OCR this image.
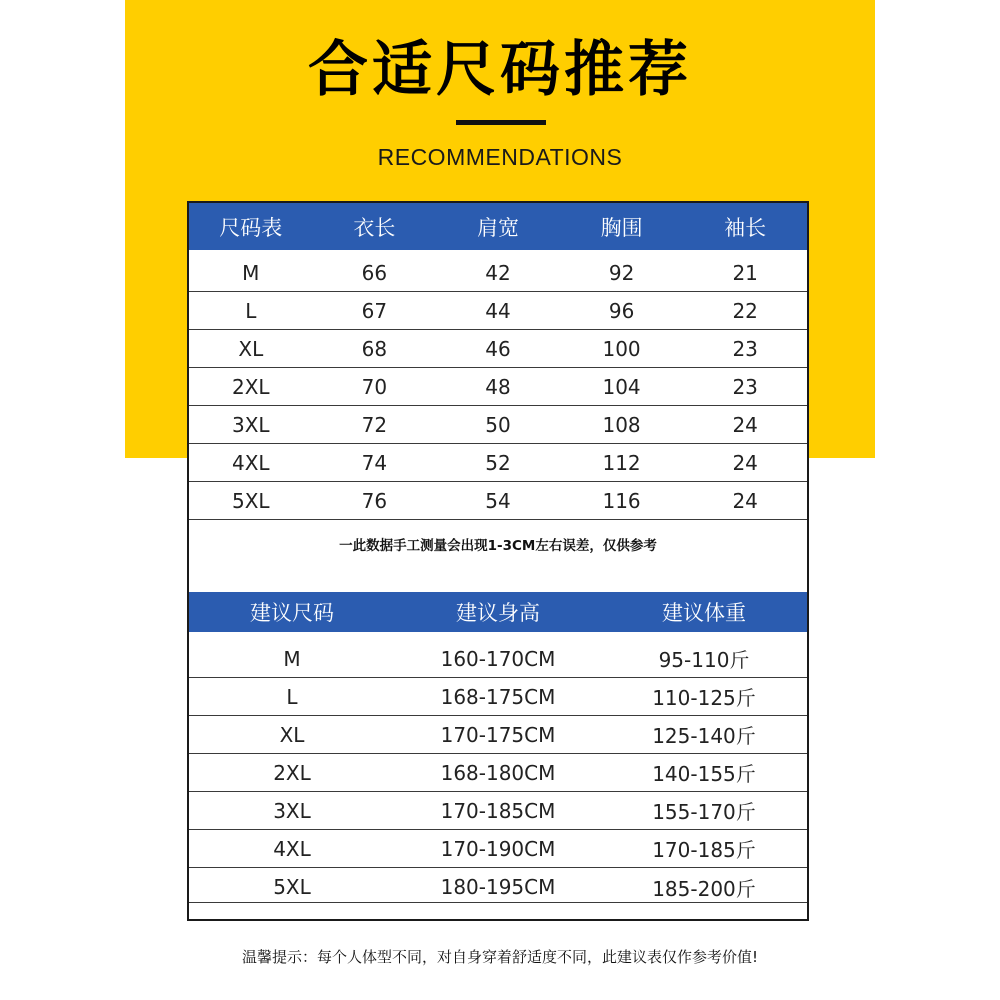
合适尺码推荐
RECOMMENDATIONS
尺码表	衣长	肩宽	胸围	袖长
M	66	42	92	21
L	67	44	96	22
XL	68	46	100	23
2XL	70	48	104	23
3XL	72	50	108	24
4XL	74	52	112	24
5XL	76	54	116	24
一此数据手工测量会出现1-3CM左右误差，仅供参考
建议尺码	建议身高	建议体重
M	160-170CM	95-110斤
L	168-175CM	110-125斤
XL	170-175CM	125-140斤
2XL	168-180CM	140-155斤
3XL	170-185CM	155-170斤
4XL	170-190CM	170-185斤
5XL	180-195CM	185-200斤
温馨提示：每个人体型不同，对自身穿着舒适度不同，此建议表仅作参考价值!
